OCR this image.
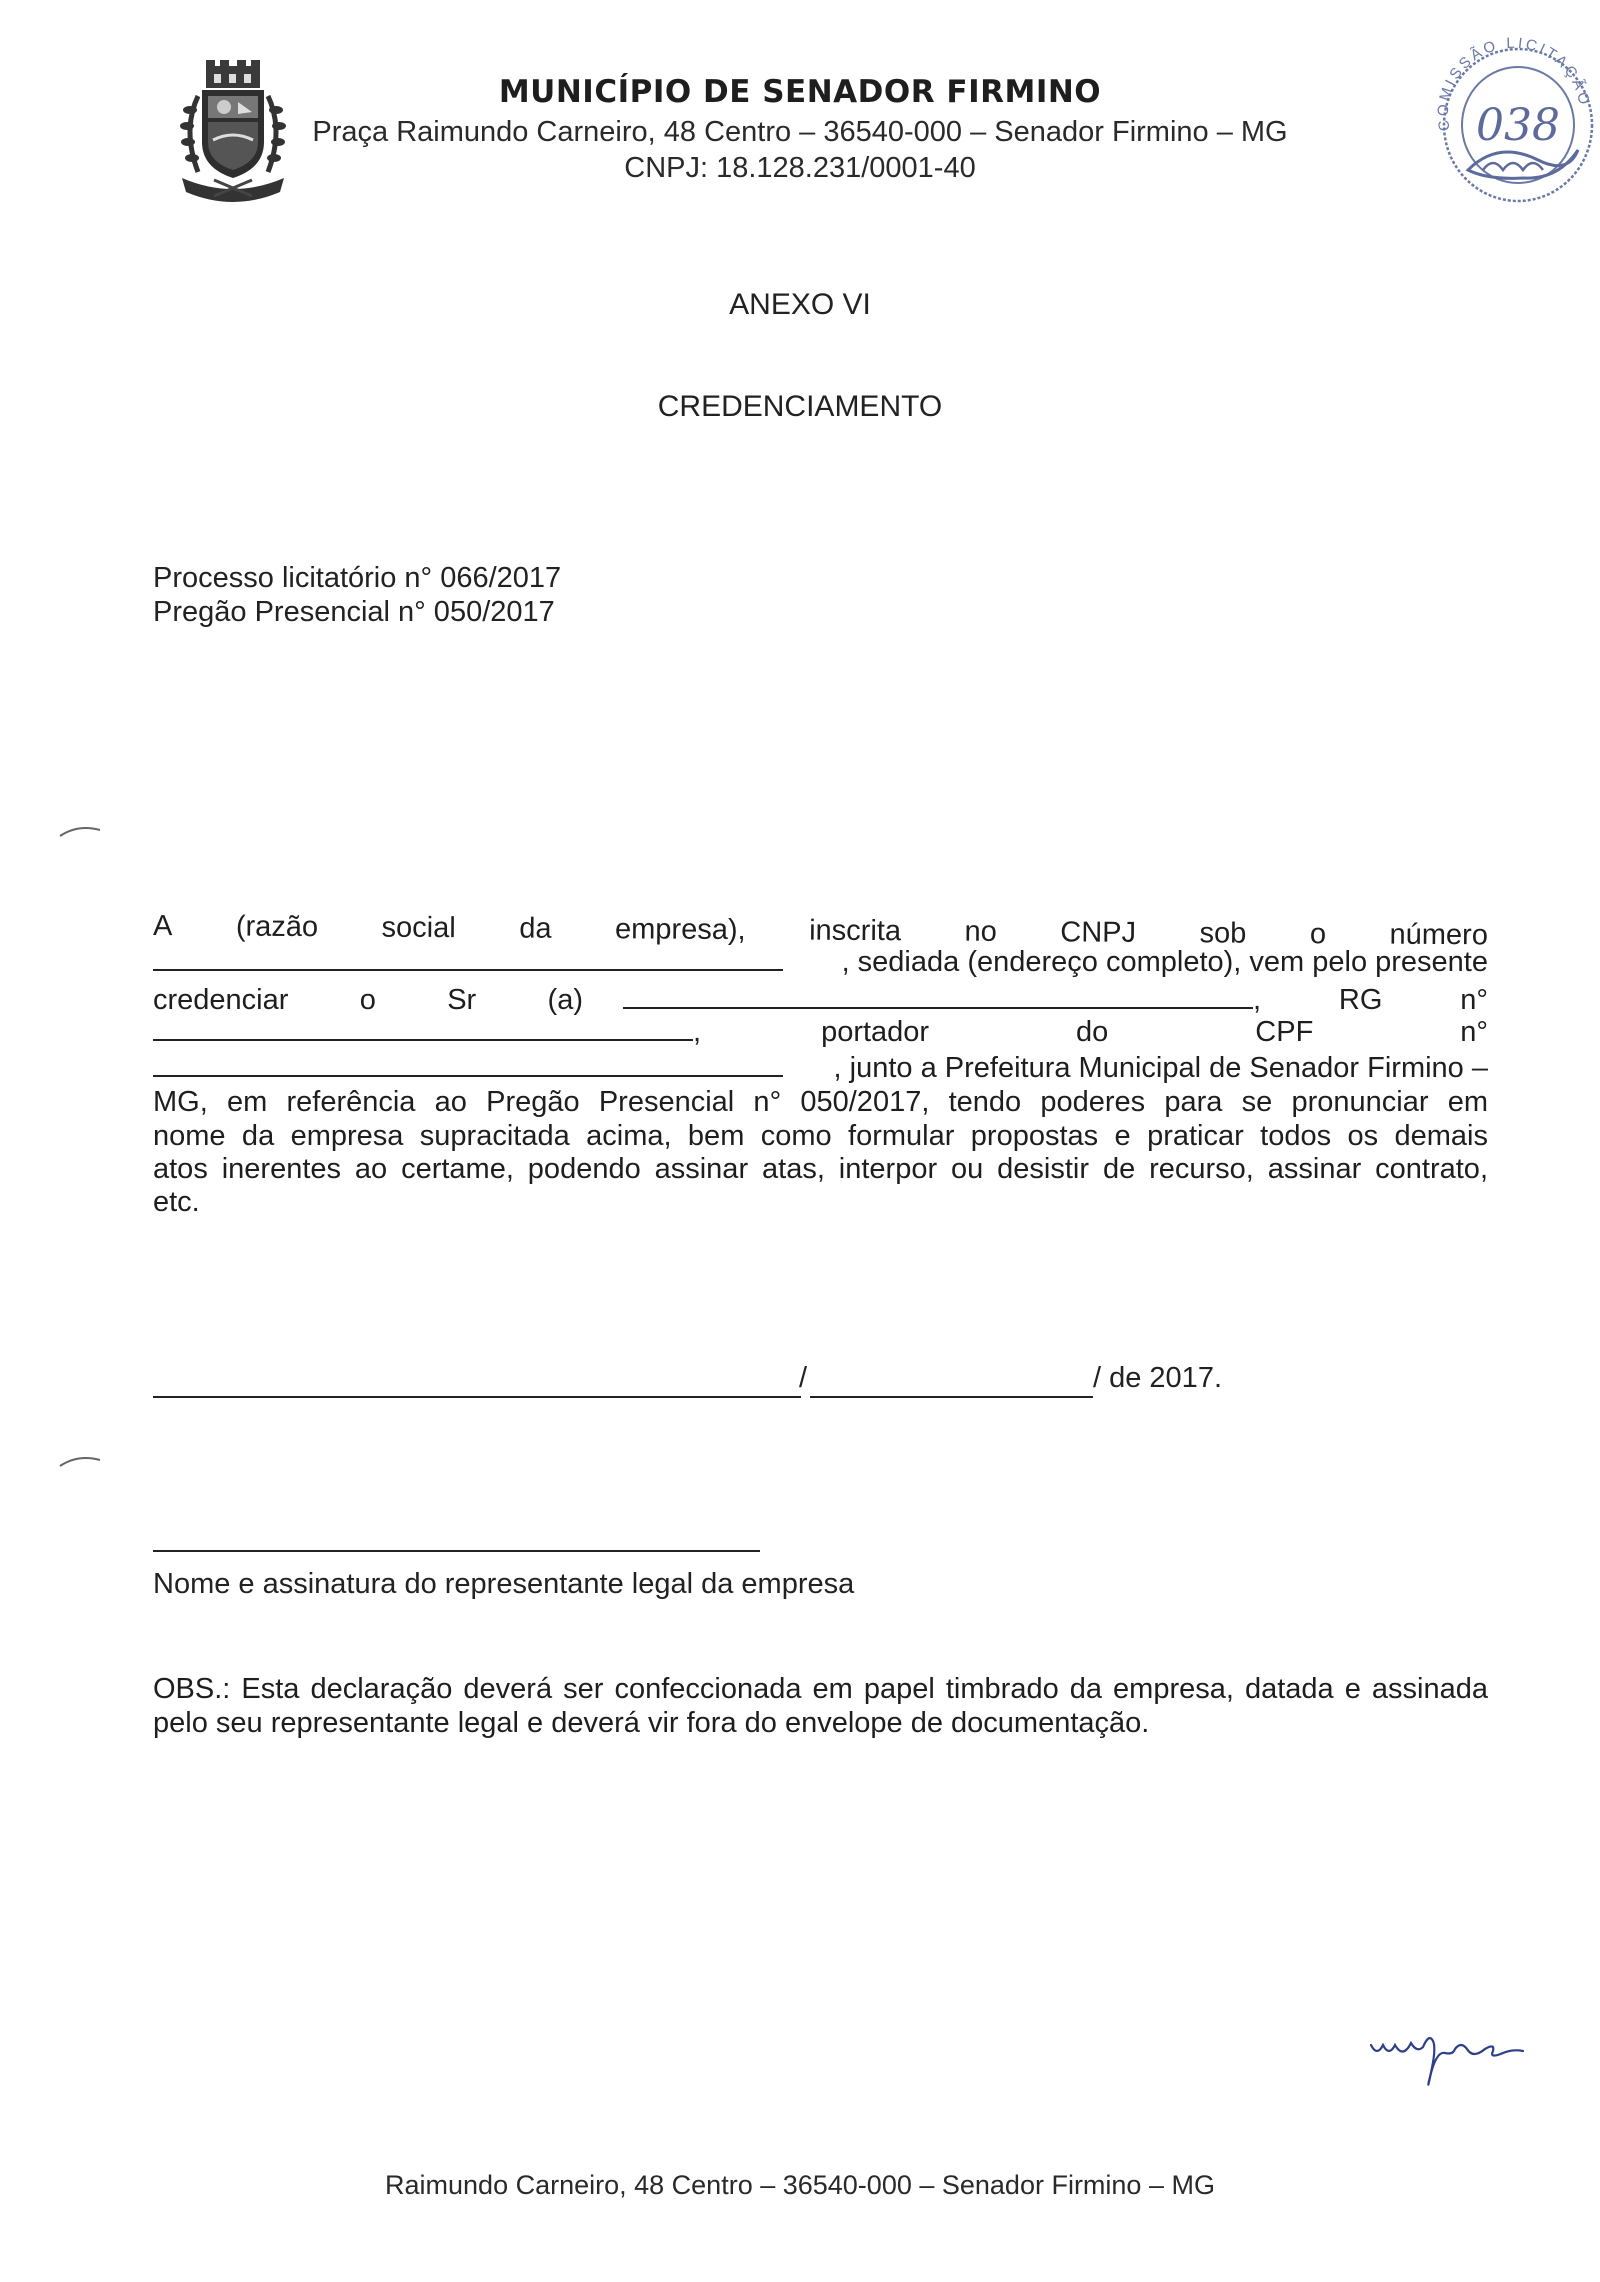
MUNICÍPIO DE SENADOR FIRMINO
Praça Raimundo Carneiro, 48 Centro – 36540-000 – Senador Firmino – MG
CNPJ: 18.128.231/0001-40
COMISSÃO LICITAÇÃO
038
ANEXO VI
CREDENCIAMENTO
Processo licitatório n° 066/2017
Pregão Presencial n° 050/2017
A (razão social da empresa), inscrita no CNPJ sob o número
, sediada (endereço completo), vem pelo presente
credenciar o Sr (a)	,	RG	n°
,	portador	do	CPF	n°
, junto a Prefeitura Municipal de Senador Firmino –
MG, em referência ao Pregão Presencial n° 050/2017, tendo poderes para se pronunciar em
nome da empresa supracitada acima, bem como formular propostas e praticar todos os demais
atos inerentes ao certame, podendo assinar atas, interpor ou desistir de recurso, assinar contrato,
etc.
/	/ de 2017.
Nome e assinatura do representante legal da empresa
OBS.: Esta declaração deverá ser confeccionada em papel timbrado da empresa, datada e assinada pelo seu representante legal e deverá vir fora do envelope de documentação.
Raimundo Carneiro, 48 Centro – 36540-000 – Senador Firmino – MG
